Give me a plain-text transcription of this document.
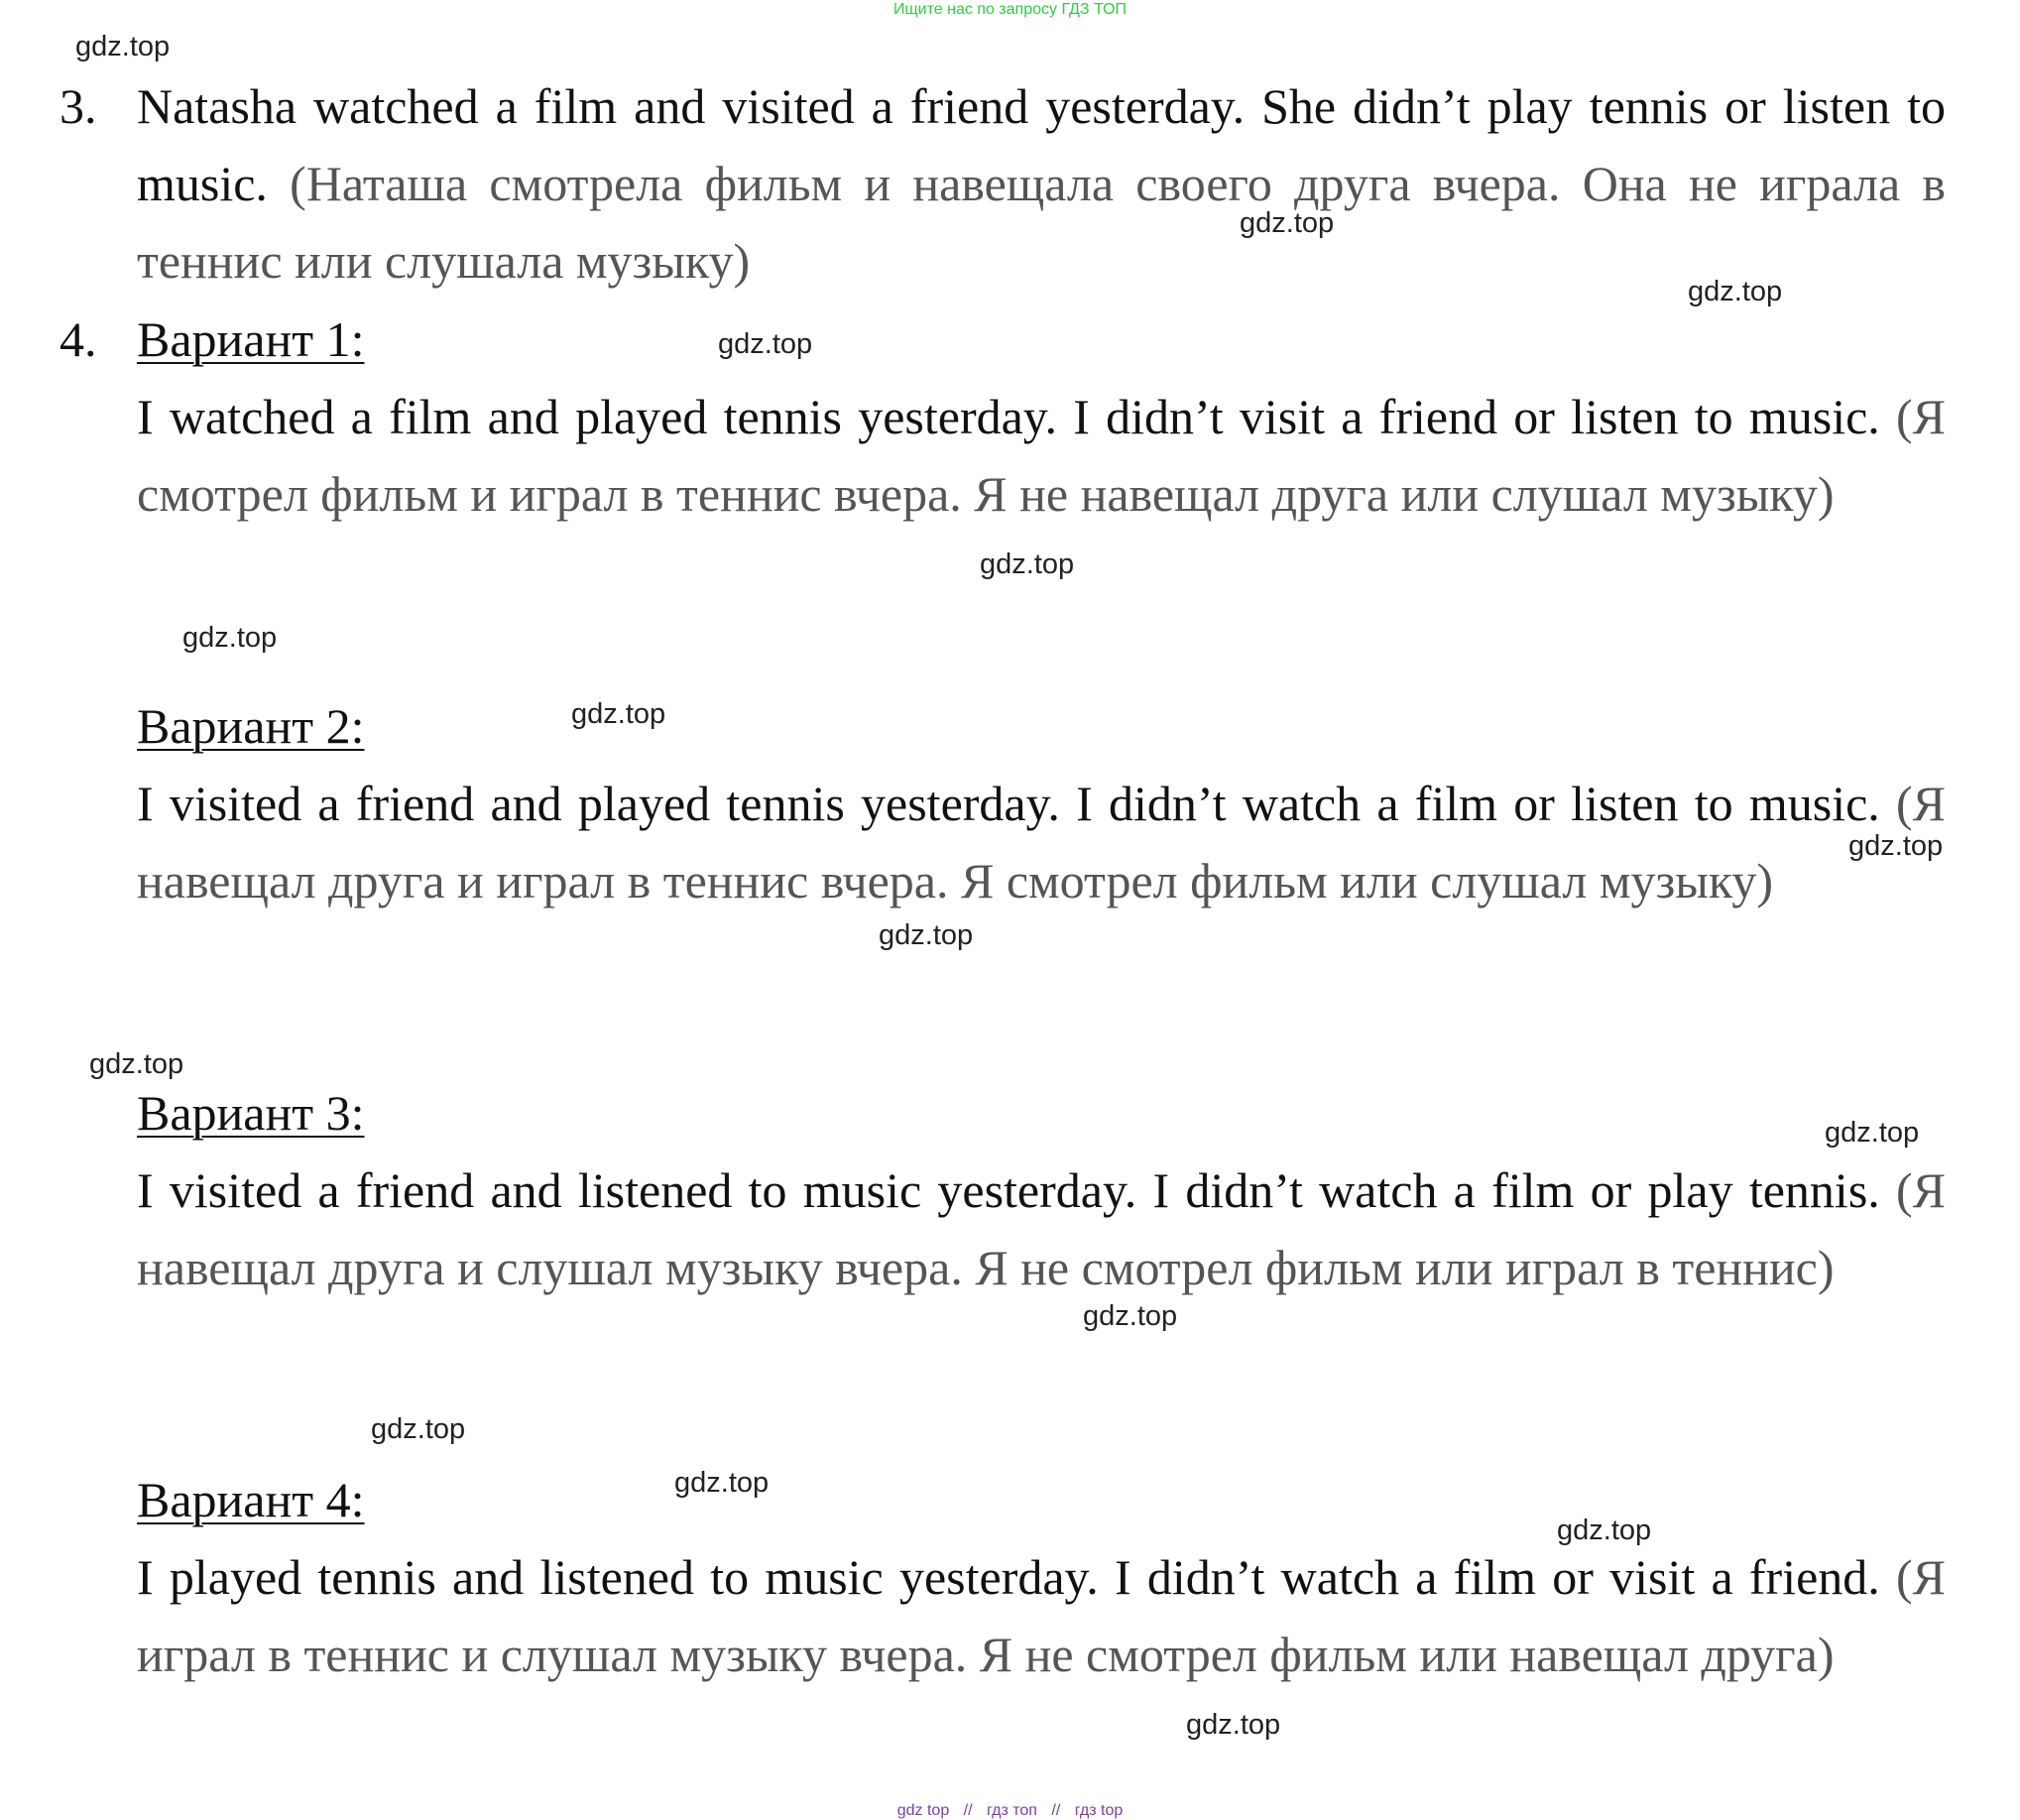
Ищите нас по запросу ГДЗ ТОП
3. Natasha watched a film and visited a friend yesterday. She didn’t play tennis or listen to music. (Наташа смотрела фильм и навещала своего друга вчера. Она не играла в теннис или слушала музыку)
4. Вариант 1:
I watched a film and played tennis yesterday. I didn’t visit a friend or listen to music. (Я смотрел фильм и играл в теннис вчера. Я не навещал друга или слушал музыку)
Вариант 2:
I visited a friend and played tennis yesterday. I didn’t watch a film or listen to music. (Я навещал друга и играл в теннис вчера. Я смотрел фильм или слушал музыку)
Вариант 3:
I visited a friend and listened to music yesterday. I didn’t watch a film or play tennis. (Я навещал друга и слушал музыку вчера. Я не смотрел фильм или играл в теннис)
Вариант 4:
I played tennis and listened to music yesterday. I didn’t watch a film or visit a friend. (Я играл в теннис и слушал музыку вчера. Я не смотрел фильм или навещал друга)
gdz.top
gdz.top
gdz.top
gdz.top
gdz.top
gdz.top
gdz.top
gdz.top
gdz.top
gdz.top
gdz.top
gdz.top
gdz.top
gdz.top
gdz.top
gdz.top
gdz top // гдз топ // гдз top
